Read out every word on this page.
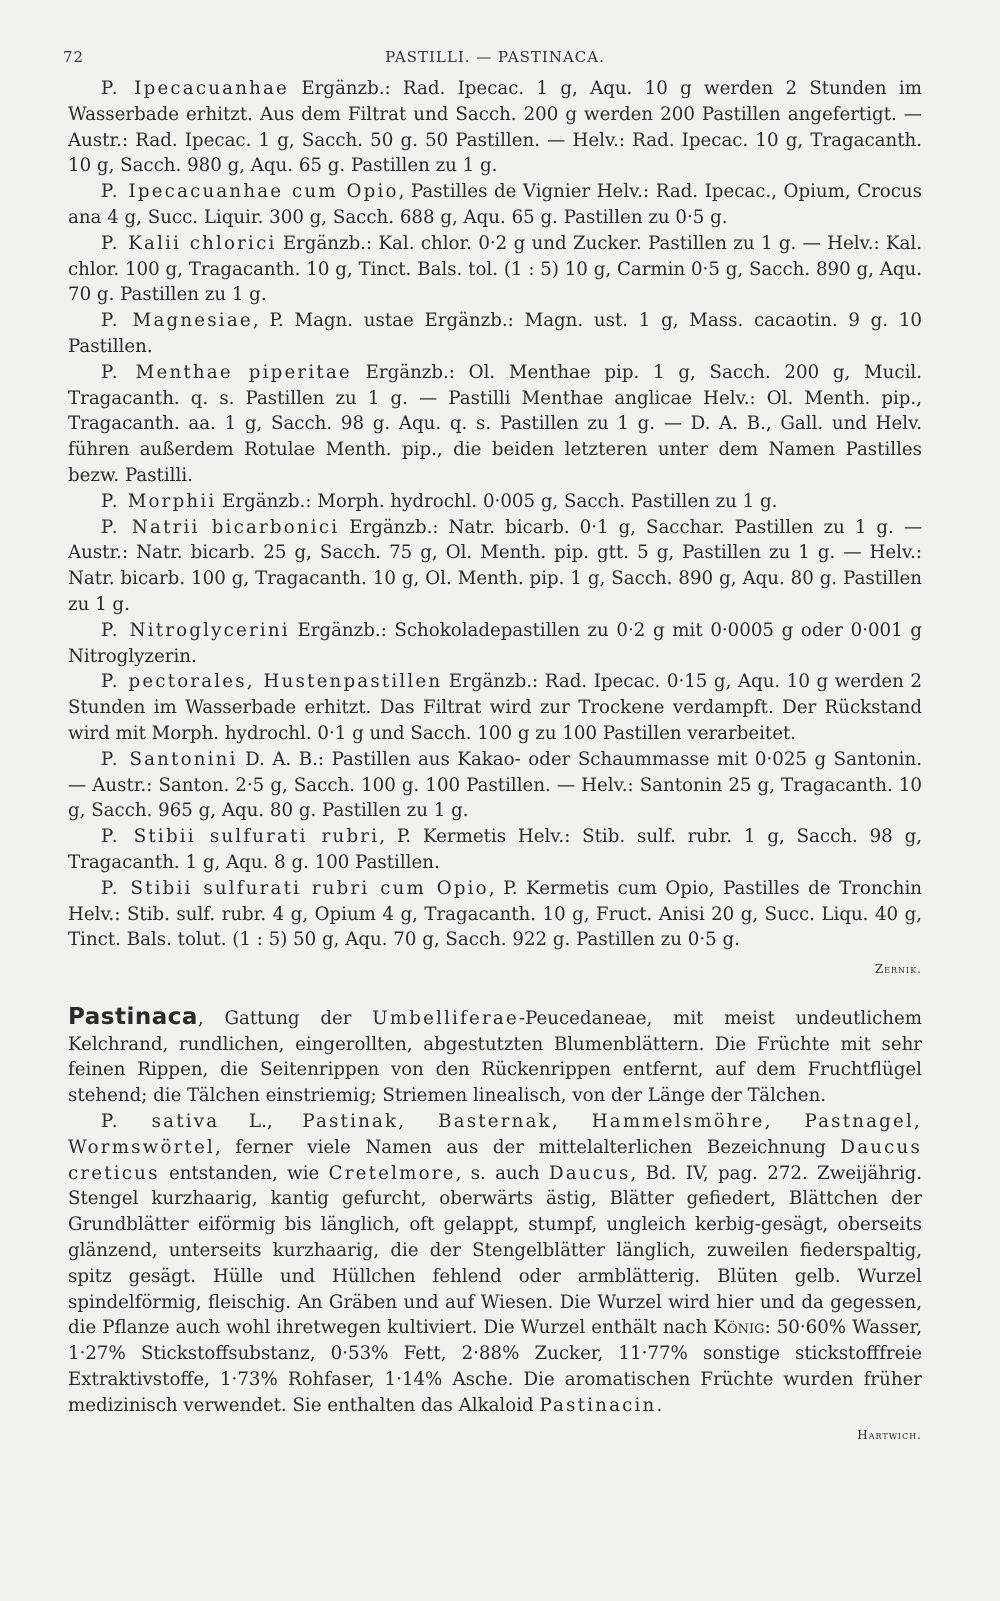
72	PASTILLI. — PASTINACA.

P. Ipecacuanhae Ergänzb.: Rad. Ipecac. 1 g, Aqu. 10 g werden 2 Stunden im Wasserbade erhitzt. Aus dem Filtrat und Sacch. 200 g werden 200 Pastillen angefertigt. — Austr.: Rad. Ipecac. 1 g, Sacch. 50 g. 50 Pastillen. — Helv.: Rad. Ipecac. 10 g, Tragacanth. 10 g, Sacch. 980 g, Aqu. 65 g. Pastillen zu 1 g.

P. Ipecacuanhae cum Opio, Pastilles de Vignier Helv.: Rad. Ipecac., Opium, Crocus ana 4 g, Succ. Liquir. 300 g, Sacch. 688 g, Aqu. 65 g. Pastillen zu 0·5 g.

P. Kalii chlorici Ergänzb.: Kal. chlor. 0·2 g und Zucker. Pastillen zu 1 g. — Helv.: Kal. chlor. 100 g, Tragacanth. 10 g, Tinct. Bals. tol. (1 : 5) 10 g, Carmin 0·5 g, Sacch. 890 g, Aqu. 70 g. Pastillen zu 1 g.

P. Magnesiae, P. Magn. ustae Ergänzb.: Magn. ust. 1 g, Mass. cacaotin. 9 g. 10 Pastillen.

P. Menthae piperitae Ergänzb.: Ol. Menthae pip. 1 g, Sacch. 200 g, Mucil. Tragacanth. q. s. Pastillen zu 1 g. — Pastilli Menthae anglicae Helv.: Ol. Menth. pip., Tragacanth. aa. 1 g, Sacch. 98 g. Aqu. q. s. Pastillen zu 1 g. — D. A. B., Gall. und Helv. führen außerdem Rotulae Menth. pip., die beiden letzteren unter dem Namen Pastilles bezw. Pastilli.

P. Morphii Ergänzb.: Morph. hydrochl. 0·005 g, Sacch. Pastillen zu 1 g.

P. Natrii bicarbonici Ergänzb.: Natr. bicarb. 0·1 g, Sacchar. Pastillen zu 1 g. — Austr.: Natr. bicarb. 25 g, Sacch. 75 g, Ol. Menth. pip. gtt. 5 g, Pastillen zu 1 g. — Helv.: Natr. bicarb. 100 g, Tragacanth. 10 g, Ol. Menth. pip. 1 g, Sacch. 890 g, Aqu. 80 g. Pastillen zu 1 g.

P. Nitroglycerini Ergänzb.: Schokoladepastillen zu 0·2 g mit 0·0005 g oder 0·001 g Nitroglyzerin.

P. pectorales, Hustenpastillen Ergänzb.: Rad. Ipecac. 0·15 g, Aqu. 10 g werden 2 Stunden im Wasserbade erhitzt. Das Filtrat wird zur Trockene verdampft. Der Rückstand wird mit Morph. hydrochl. 0·1 g und Sacch. 100 g zu 100 Pastillen verarbeitet.

P. Santonini D. A. B.: Pastillen aus Kakao- oder Schaummasse mit 0·025 g Santonin. — Austr.: Santon. 2·5 g, Sacch. 100 g. 100 Pastillen. — Helv.: Santonin 25 g, Tragacanth. 10 g, Sacch. 965 g, Aqu. 80 g. Pastillen zu 1 g.

P. Stibii sulfurati rubri, P. Kermetis Helv.: Stib. sulf. rubr. 1 g, Sacch. 98 g, Tragacanth. 1 g, Aqu. 8 g. 100 Pastillen.

P. Stibii sulfurati rubri cum Opio, P. Kermetis cum Opio, Pastilles de Tronchin Helv.: Stib. sulf. rubr. 4 g, Opium 4 g, Tragacanth. 10 g, Fruct. Anisi 20 g, Succ. Liqu. 40 g, Tinct. Bals. tolut. (1 : 5) 50 g, Aqu. 70 g, Sacch. 922 g. Pastillen zu 0·5 g.

Zernik.

Pastinaca, Gattung der Umbelliferae-Peucedaneae, mit meist undeutlichem Kelchrand, rundlichen, eingerollten, abgestutzten Blumenblättern. Die Früchte mit sehr feinen Rippen, die Seitenrippen von den Rückenrippen entfernt, auf dem Fruchtflügel stehend; die Tälchen einstriemig; Striemen linealisch, von der Länge der Tälchen.

P. sativa L., Pastinak, Basternak, Hammelsmöhre, Pastnagel, Wormswörtel, ferner viele Namen aus der mittelalterlichen Bezeichnung Daucus creticus entstanden, wie Cretelmore, s. auch Daucus, Bd. IV, pag. 272. Zweijährig. Stengel kurzhaarig, kantig gefurcht, oberwärts ästig, Blätter gefiedert, Blättchen der Grundblätter eiförmig bis länglich, oft gelappt, stumpf, ungleich kerbig-gesägt, oberseits glänzend, unterseits kurzhaarig, die der Stengelblätter länglich, zuweilen fiederspaltig, spitz gesägt. Hülle und Hüllchen fehlend oder armblätterig. Blüten gelb. Wurzel spindelförmig, fleischig. An Gräben und auf Wiesen. Die Wurzel wird hier und da gegessen, die Pflanze auch wohl ihretwegen kultiviert. Die Wurzel enthält nach König: 50·60% Wasser, 1·27% Stickstoffsubstanz, 0·53% Fett, 2·88% Zucker, 11·77% sonstige stickstofffreie Extraktivstoffe, 1·73% Rohfaser, 1·14% Asche. Die aromatischen Früchte wurden früher medizinisch verwendet. Sie enthalten das Alkaloid Pastinacin.

Hartwich.
